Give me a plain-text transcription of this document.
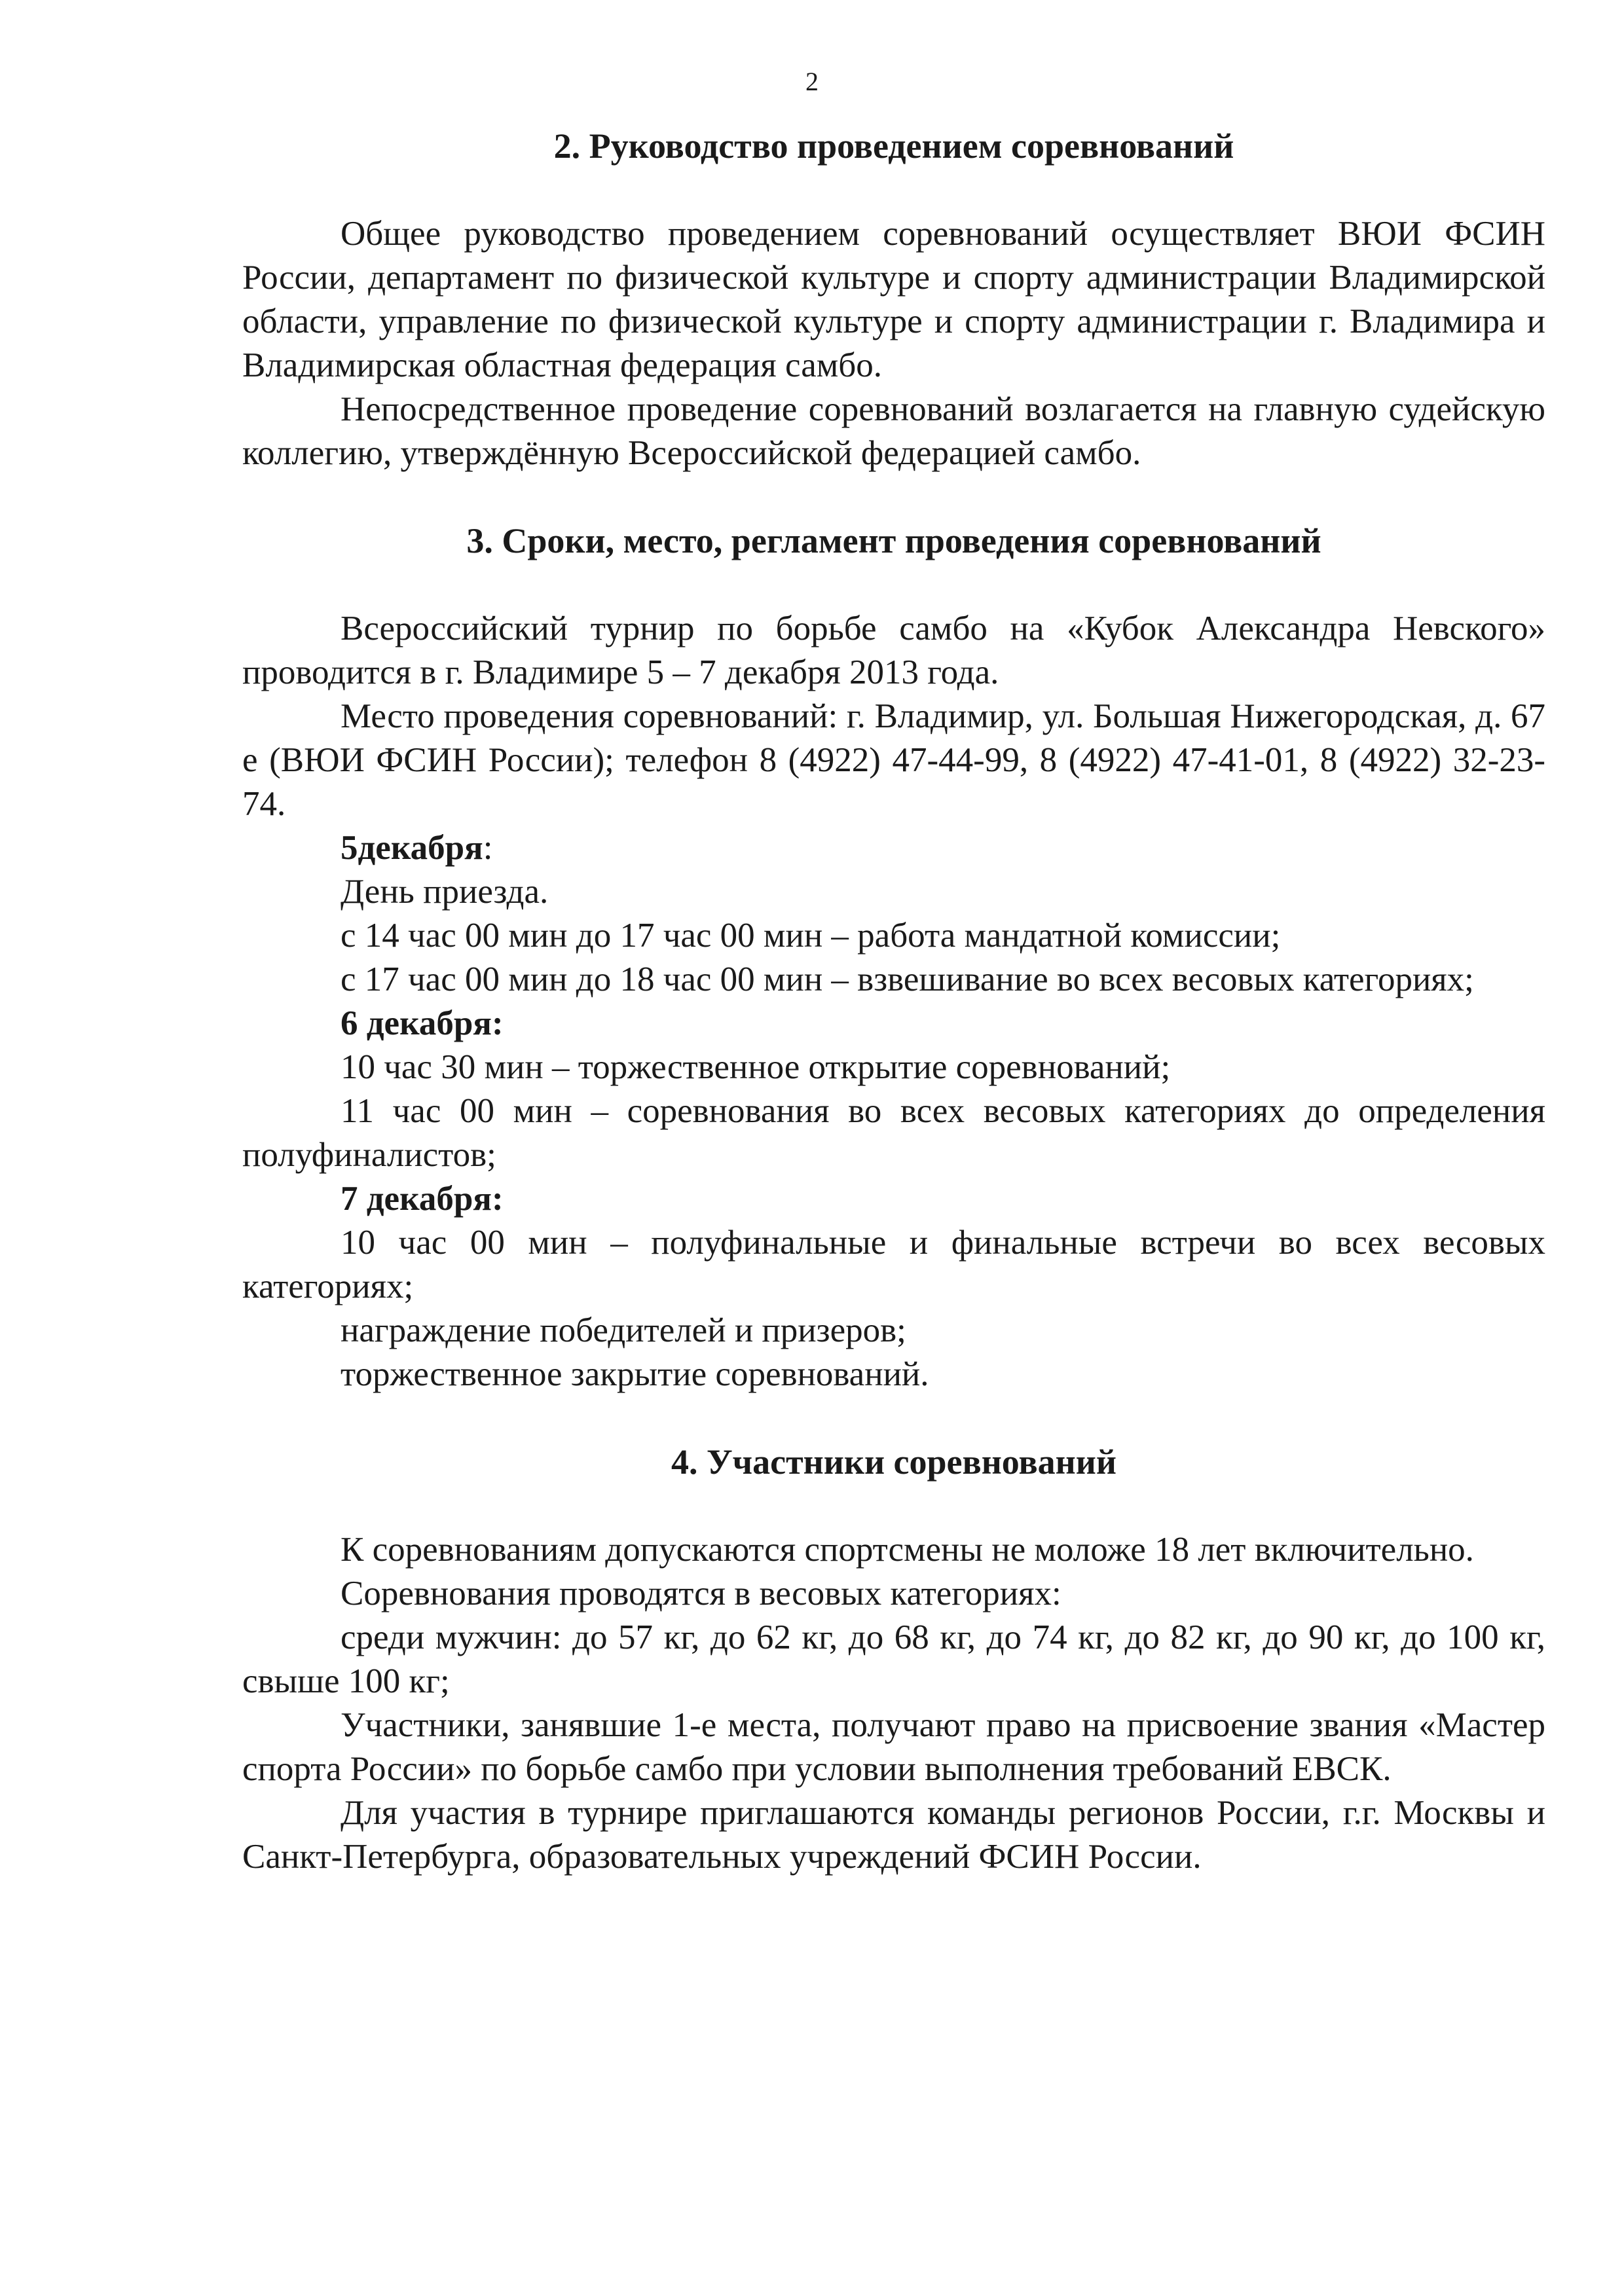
2
2. Руководство проведением соревнований

Общее руководство проведением соревнований осуществляет ВЮИ ФСИН России, департамент по физической культуре и спорту администрации Владимирской области, управление по физической культуре и спорту администрации г. Владимира и Владимирская областная федерация самбо.

Непосредственное проведение соревнований возлагается на главную судейскую коллегию, утверждённую Всероссийской федерацией самбо.

3. Сроки, место, регламент проведения соревнований

Всероссийский турнир по борьбе самбо на «Кубок Александра Невского» проводится в г. Владимире 5 – 7 декабря 2013 года.

Место проведения соревнований: г. Владимир, ул. Большая Нижегородская, д. 67 е (ВЮИ ФСИН России); телефон 8 (4922) 47-44-99, 8 (4922) 47-41-01, 8 (4922) 32-23-74.

5декабря:

День приезда.

с 14 час 00 мин до 17 час 00 мин – работа мандатной комиссии;

с 17 час 00 мин до 18 час 00 мин – взвешивание во всех весовых категориях;

6 декабря:

10 час 30 мин – торжественное открытие соревнований;

11 час 00 мин – соревнования во всех весовых категориях до определения полуфиналистов;

7 декабря:

10 час 00 мин – полуфинальные и финальные встречи во всех весовых категориях;

награждение победителей и призеров;

торжественное закрытие соревнований.

4. Участники соревнований

К соревнованиям допускаются спортсмены не моложе 18 лет включительно.

Соревнования проводятся в весовых категориях:

среди мужчин: до 57 кг, до 62 кг, до 68 кг, до 74 кг, до 82 кг, до 90 кг, до 100 кг, свыше 100 кг;

Участники, занявшие 1-е места, получают право на присвоение звания «Мастер спорта России» по борьбе самбо при условии выполнения требований ЕВСК.

Для участия в турнире приглашаются команды регионов России, г.г. Москвы и Санкт-Петербурга, образовательных учреждений ФСИН России.
